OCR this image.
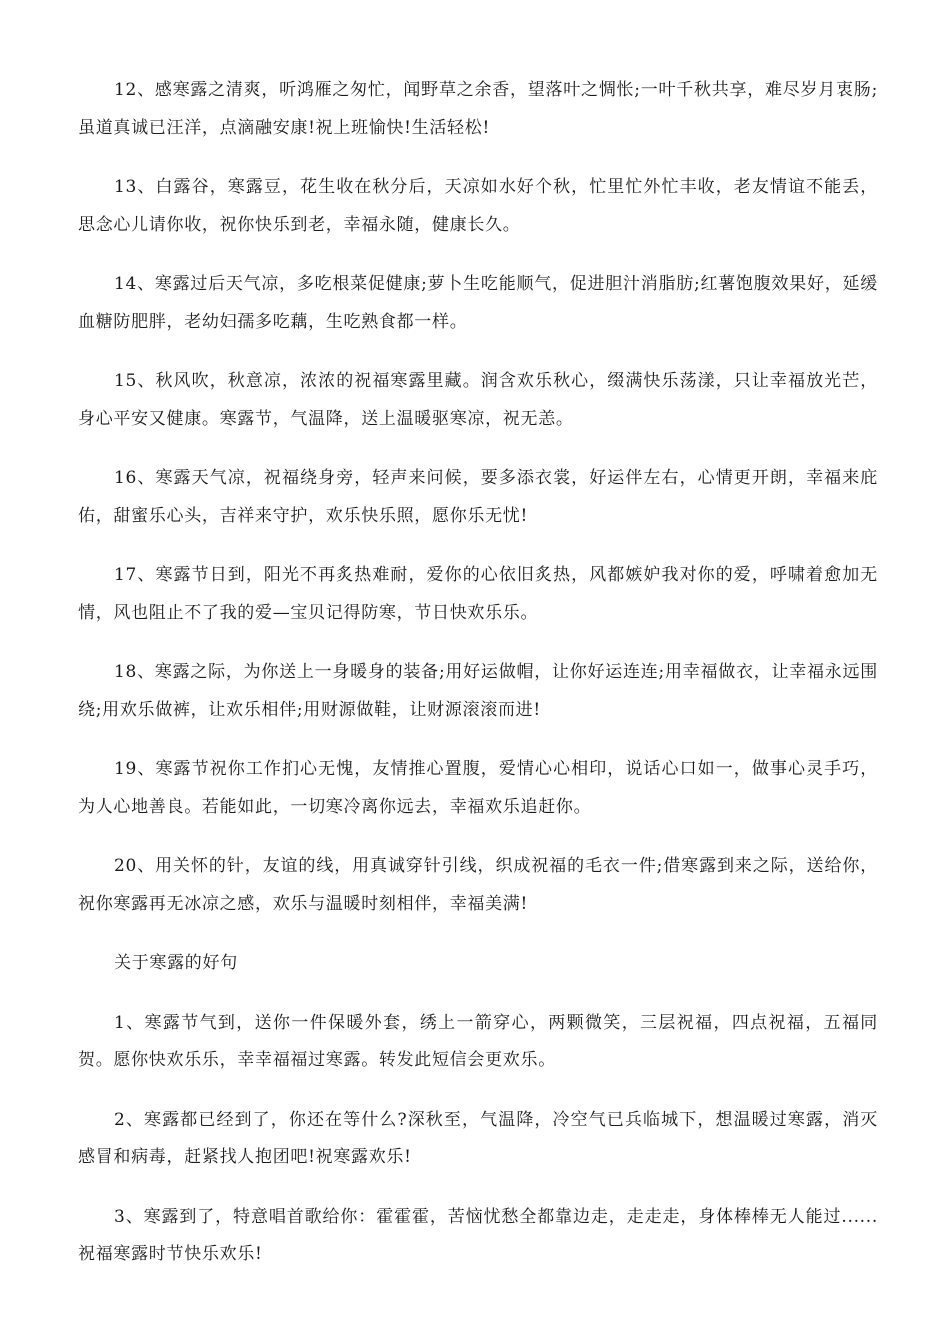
12、感寒露之清爽，听鸿雁之匆忙，闻野草之余香，望落叶之惆怅;一叶千秋共享，难尽岁月衷肠;虽道真诚已汪洋，点滴融安康!祝上班愉快!生活轻松!

13、白露谷，寒露豆，花生收在秋分后，天凉如水好个秋，忙里忙外忙丰收，老友情谊不能丢，思念心儿请你收，祝你快乐到老，幸福永随，健康长久。

14、寒露过后天气凉，多吃根菜促健康;萝卜生吃能顺气，促进胆汁消脂肪;红薯饱腹效果好，延缓血糖防肥胖，老幼妇孺多吃藕，生吃熟食都一样。

15、秋风吹，秋意凉，浓浓的祝福寒露里藏。润含欢乐秋心，缀满快乐荡漾，只让幸福放光芒，身心平安又健康。寒露节，气温降，送上温暖驱寒凉，祝无恙。

16、寒露天气凉，祝福绕身旁，轻声来问候，要多添衣裳，好运伴左右，心情更开朗，幸福来庇佑，甜蜜乐心头，吉祥来守护，欢乐快乐照，愿你乐无忧!

17、寒露节日到，阳光不再炙热难耐，爱你的心依旧炙热，风都嫉妒我对你的爱，呼啸着愈加无情，风也阻止不了我的爱—宝贝记得防寒，节日快欢乐乐。

18、寒露之际，为你送上一身暖身的装备;用好运做帽，让你好运连连;用幸福做衣，让幸福永远围绕;用欢乐做裤，让欢乐相伴;用财源做鞋，让财源滚滚而进!

19、寒露节祝你工作扪心无愧，友情推心置腹，爱情心心相印，说话心口如一，做事心灵手巧，为人心地善良。若能如此，一切寒冷离你远去，幸福欢乐追赶你。

20、用关怀的针，友谊的线，用真诚穿针引线，织成祝福的毛衣一件;借寒露到来之际，送给你，祝你寒露再无冰凉之感，欢乐与温暖时刻相伴，幸福美满!

关于寒露的好句

1、寒露节气到，送你一件保暖外套，绣上一箭穿心，两颗微笑，三层祝福，四点祝福，五福同贺。愿你快欢乐乐，幸幸福福过寒露。转发此短信会更欢乐。

2、寒露都已经到了，你还在等什么?深秋至，气温降，冷空气已兵临城下，想温暖过寒露，消灭感冒和病毒，赶紧找人抱团吧!祝寒露欢乐!

3、寒露到了，特意唱首歌给你：霍霍霍，苦恼忧愁全都靠边走，走走走，身体棒棒无人能过......祝福寒露时节快乐欢乐!
